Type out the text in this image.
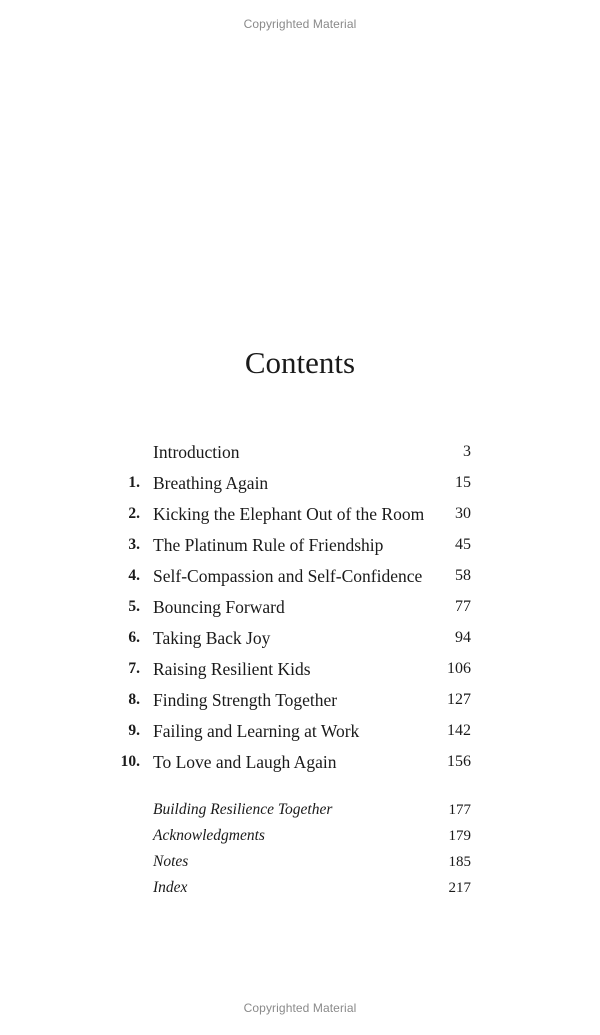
Copyrighted Material
Contents
Introduction	3
1. Breathing Again	15
2. Kicking the Elephant Out of the Room 30
3. The Platinum Rule of Friendship	45
4. Self-Compassion and Self-Confidence 58
5. Bouncing Forward	77
6. Taking Back Joy	94
7. Raising Resilient Kids	106
8. Finding Strength Together	127
9. Failing and Learning at Work	142
10. To Love and Laugh Again	156
Building Resilience Together	177
Acknowledgments	179
Notes	185
Index	217
Copyrighted Material
